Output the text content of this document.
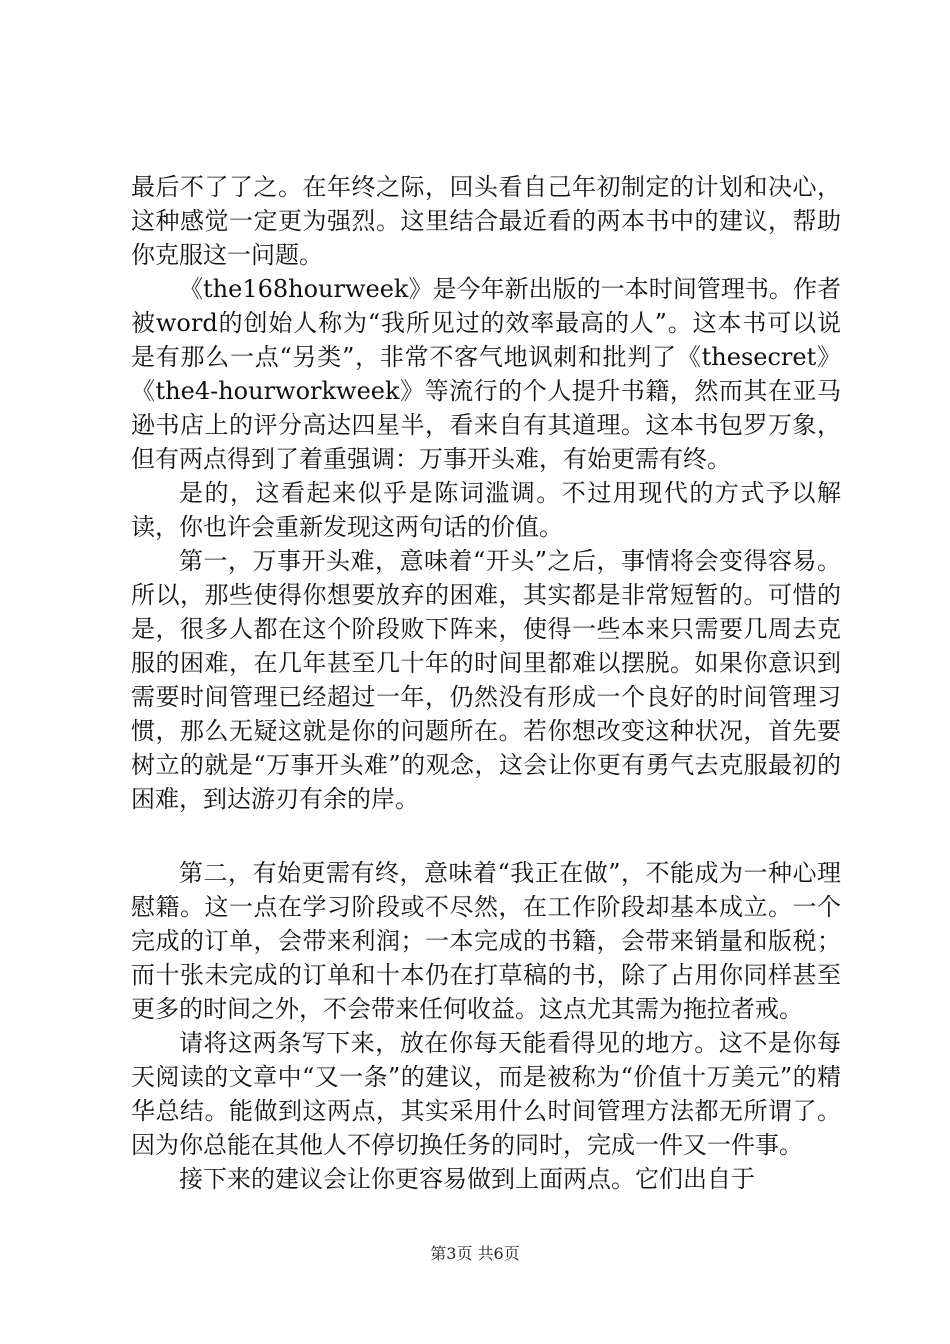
最后不了了之。在年终之际，回头看自己年初制定的计划和决心，这种感觉一定更为强烈。这里结合最近看的两本书中的建议，帮助你克服这一问题。

《the168hourweek》是今年新出版的一本时间管理书。作者被word的创始人称为“我所见过的效率最高的人”。这本书可以说是有那么一点“另类”，非常不客气地讽刺和批判了《thesecret》《the4-hourworkweek》等流行的个人提升书籍，然而其在亚马逊书店上的评分高达四星半，看来自有其道理。这本书包罗万象，但有两点得到了着重强调：万事开头难，有始更需有终。

是的，这看起来似乎是陈词滥调。不过用现代的方式予以解读，你也许会重新发现这两句话的价值。

第一，万事开头难，意味着“开头”之后，事情将会变得容易。所以，那些使得你想要放弃的困难，其实都是非常短暂的。可惜的是，很多人都在这个阶段败下阵来，使得一些本来只需要几周去克服的困难，在几年甚至几十年的时间里都难以摆脱。如果你意识到需要时间管理已经超过一年，仍然没有形成一个良好的时间管理习惯，那么无疑这就是你的问题所在。若你想改变这种状况，首先要树立的就是“万事开头难”的观念，这会让你更有勇气去克服最初的困难，到达游刃有余的岸。

第二，有始更需有终，意味着“我正在做”，不能成为一种心理慰籍。这一点在学习阶段或不尽然，在工作阶段却基本成立。一个完成的订单，会带来利润；一本完成的书籍，会带来销量和版税；而十张未完成的订单和十本仍在打草稿的书，除了占用你同样甚至更多的时间之外，不会带来任何收益。这点尤其需为拖拉者戒。

请将这两条写下来，放在你每天能看得见的地方。这不是你每天阅读的文章中“又一条”的建议，而是被称为“价值十万美元”的精华总结。能做到这两点，其实采用什么时间管理方法都无所谓了。因为你总能在其他人不停切换任务的同时，完成一件又一件事。

接下来的建议会让你更容易做到上面两点。它们出自于

第3页 共6页
